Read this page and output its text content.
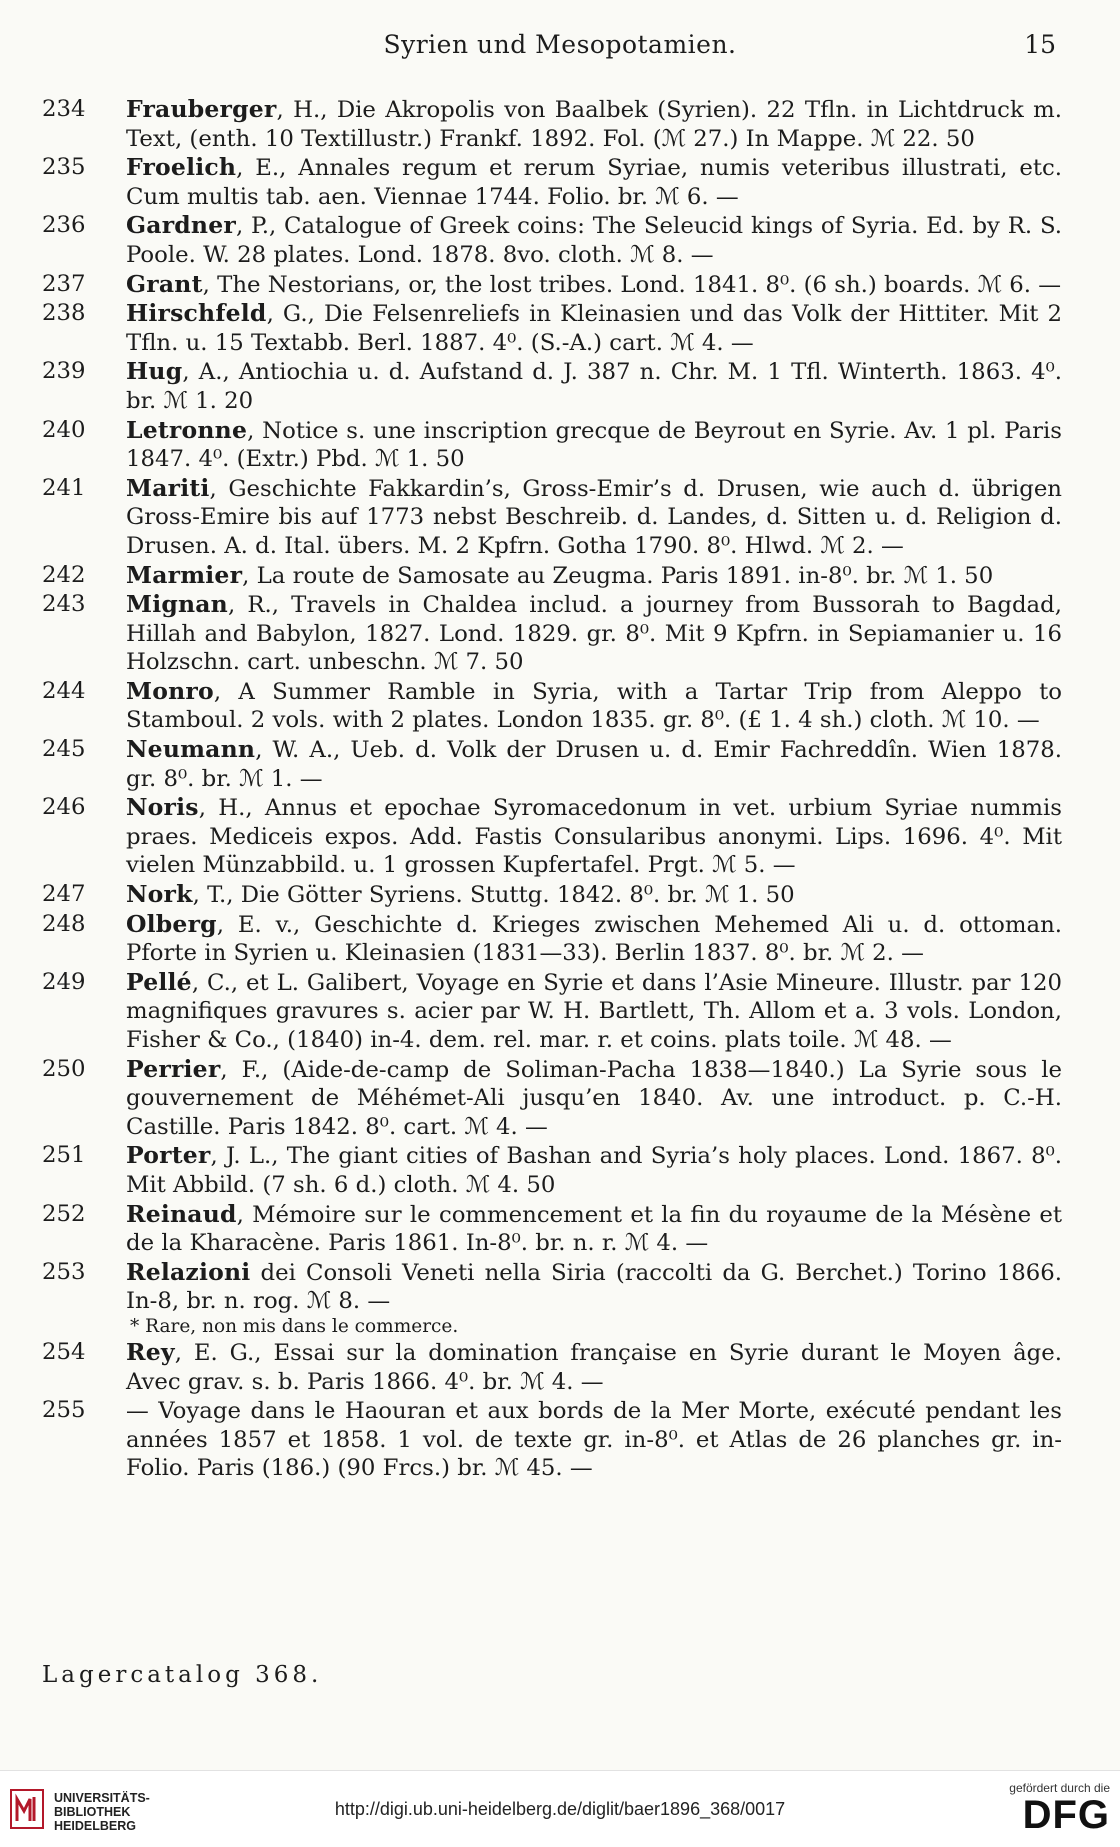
Syrien und Mesopotamien.	15
234	Frauberger, H., Die Akropolis von Baalbek (Syrien). 22 Tfln. in Lichtdruck m. Text, (enth. 10 Textillustr.) Frankf. 1892. Fol. (ℳ 27.) In Mappe. ℳ 22. 50
235	Froelich, E., Annales regum et rerum Syriae, numis veteribus illustrati, etc. Cum multis tab. aen. Viennae 1744. Folio. br. ℳ 6. —
236	Gardner, P., Catalogue of Greek coins: The Seleucid kings of Syria. Ed. by R. S. Poole. W. 28 plates. Lond. 1878. 8vo. cloth. ℳ 8. —
237	Grant, The Nestorians, or, the lost tribes. Lond. 1841. 8⁰. (6 sh.) boards. ℳ 6. —
238	Hirschfeld, G., Die Felsenreliefs in Kleinasien und das Volk der Hittiter. Mit 2 Tfln. u. 15 Textabb. Berl. 1887. 4⁰. (S.-A.) cart. ℳ 4. —
239	Hug, A., Antiochia u. d. Aufstand d. J. 387 n. Chr. M. 1 Tfl. Winterth. 1863. 4⁰. br. ℳ 1. 20
240	Letronne, Notice s. une inscription grecque de Beyrout en Syrie. Av. 1 pl. Paris 1847. 4⁰. (Extr.) Pbd. ℳ 1. 50
241	Mariti, Geschichte Fakkardin’s, Gross-Emir’s d. Drusen, wie auch d. übrigen Gross-Emire bis auf 1773 nebst Beschreib. d. Landes, d. Sitten u. d. Religion d. Drusen. A. d. Ital. übers. M. 2 Kpfrn. Gotha 1790. 8⁰. Hlwd. ℳ 2. —
242	Marmier, La route de Samosate au Zeugma. Paris 1891. in-8⁰. br. ℳ 1. 50
243	Mignan, R., Travels in Chaldea includ. a journey from Bussorah to Bagdad, Hillah and Babylon, 1827. Lond. 1829. gr. 8⁰. Mit 9 Kpfrn. in Sepiamanier u. 16 Holzschn. cart. unbeschn. ℳ 7. 50
244	Monro, A Summer Ramble in Syria, with a Tartar Trip from Aleppo to Stamboul. 2 vols. with 2 plates. London 1835. gr. 8⁰. (£ 1. 4 sh.) cloth. ℳ 10. —
245	Neumann, W. A., Ueb. d. Volk der Drusen u. d. Emir Fachreddîn. Wien 1878. gr. 8⁰. br. ℳ 1. —
246	Noris, H., Annus et epochae Syromacedonum in vet. urbium Syriae nummis praes. Mediceis expos. Add. Fastis Consularibus anonymi. Lips. 1696. 4⁰. Mit vielen Münzabbild. u. 1 grossen Kupfertafel. Prgt. ℳ 5. —
247	Nork, T., Die Götter Syriens. Stuttg. 1842. 8⁰. br. ℳ 1. 50
248	Olberg, E. v., Geschichte d. Krieges zwischen Mehemed Ali u. d. ottoman. Pforte in Syrien u. Kleinasien (1831—33). Berlin 1837. 8⁰. br. ℳ 2. —
249	Pellé, C., et L. Galibert, Voyage en Syrie et dans l’Asie Mineure. Illustr. par 120 magnifiques gravures s. acier par W. H. Bartlett, Th. Allom et a. 3 vols. London, Fisher & Co., (1840) in-4. dem. rel. mar. r. et coins. plats toile. ℳ 48. —
250	Perrier, F., (Aide-de-camp de Soliman-Pacha 1838—1840.) La Syrie sous le gouvernement de Méhémet-Ali jusqu’en 1840. Av. une introduct. p. C.-H. Castille. Paris 1842. 8⁰. cart. ℳ 4. —
251	Porter, J. L., The giant cities of Bashan and Syria’s holy places. Lond. 1867. 8⁰. Mit Abbild. (7 sh. 6 d.) cloth. ℳ 4. 50
252	Reinaud, Mémoire sur le commencement et la fin du royaume de la Mésène et de la Kharacène. Paris 1861. In-8⁰. br. n. r. ℳ 4. —
253	Relazioni dei Consoli Veneti nella Siria (raccolti da G. Berchet.) Torino 1866. In-8, br. n. rog. ℳ 8. —
* Rare, non mis dans le commerce.
254	Rey, E. G., Essai sur la domination française en Syrie durant le Moyen âge. Avec grav. s. b. Paris 1866. 4⁰. br. ℳ 4. —
255	— Voyage dans le Haouran et aux bords de la Mer Morte, exécuté pendant les années 1857 et 1858. 1 vol. de texte gr. in-8⁰. et Atlas de 26 planches gr. in-Folio. Paris (186.) (90 Frcs.) br. ℳ 45. —
Lagercatalog 368.
UNIVERSITÄTS-
BIBLIOTHEK
HEIDELBERG
http://digi.ub.uni-heidelberg.de/diglit/baer1896_368/0017
gefördert durch die
DFG
